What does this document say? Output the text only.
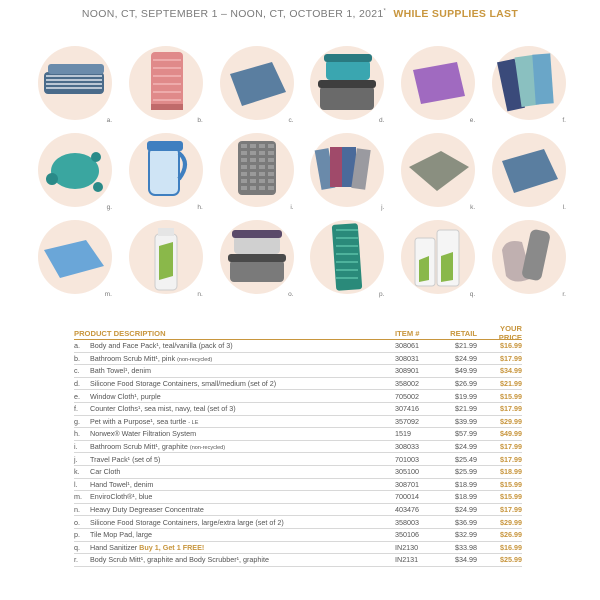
NOON, CT, SEPTEMBER 1 – NOON, CT, OCTOBER 1, 2021* WHILE SUPPLIES LAST
a.	b.	c.	d.	e.	f.
g.	h.	i.	j.	k.	l.
m.	n.	o.	p.	q.	r.
PRODUCT DESCRIPTION	ITEM #	RETAIL	YOUR PRICE
a.	Body and Face Pack¹, teal/vanilla (pack of 3)	308061	$21.99	$16.99
b.	Bathroom Scrub Mitt¹, pink (non-recycled)	308031	$24.99	$17.99
c.	Bath Towel¹, denim	308901	$49.99	$34.99
d.	Silicone Food Storage Containers, small/medium (set of 2)	358002	$26.99	$21.99
e.	Window Cloth¹, purple	705002	$19.99	$15.99
f.	Counter Cloths¹, sea mist, navy, teal (set of 3)	307416	$21.99	$17.99
g.	Pet with a Purpose¹, sea turtle - LE	357092	$39.99	$29.99
h.	Norwex® Water Filtration System	1519	$57.99	$49.99
i.	Bathroom Scrub Mitt¹, graphite (non-recycled)	308033	$24.99	$17.99
j.	Travel Pack¹ (set of 5)	701003	$25.49	$17.99
k.	Car Cloth	305100	$25.99	$18.99
l.	Hand Towel¹, denim	308701	$18.99	$15.99
m.	EnviroCloth®¹, blue	700014	$18.99	$15.99
n.	Heavy Duty Degreaser Concentrate	403476	$24.99	$17.99
o.	Silicone Food Storage Containers, large/extra large (set of 2)	358003	$36.99	$29.99
p.	Tile Mop Pad, large	350106	$32.99	$26.99
q.	Hand Sanitizer Buy 1, Get 1 FREE!	IN2130	$33.98	$16.99
r.	Body Scrub Mitt¹, graphite and Body Scrubber¹, graphite	IN2131	$34.99	$25.99
